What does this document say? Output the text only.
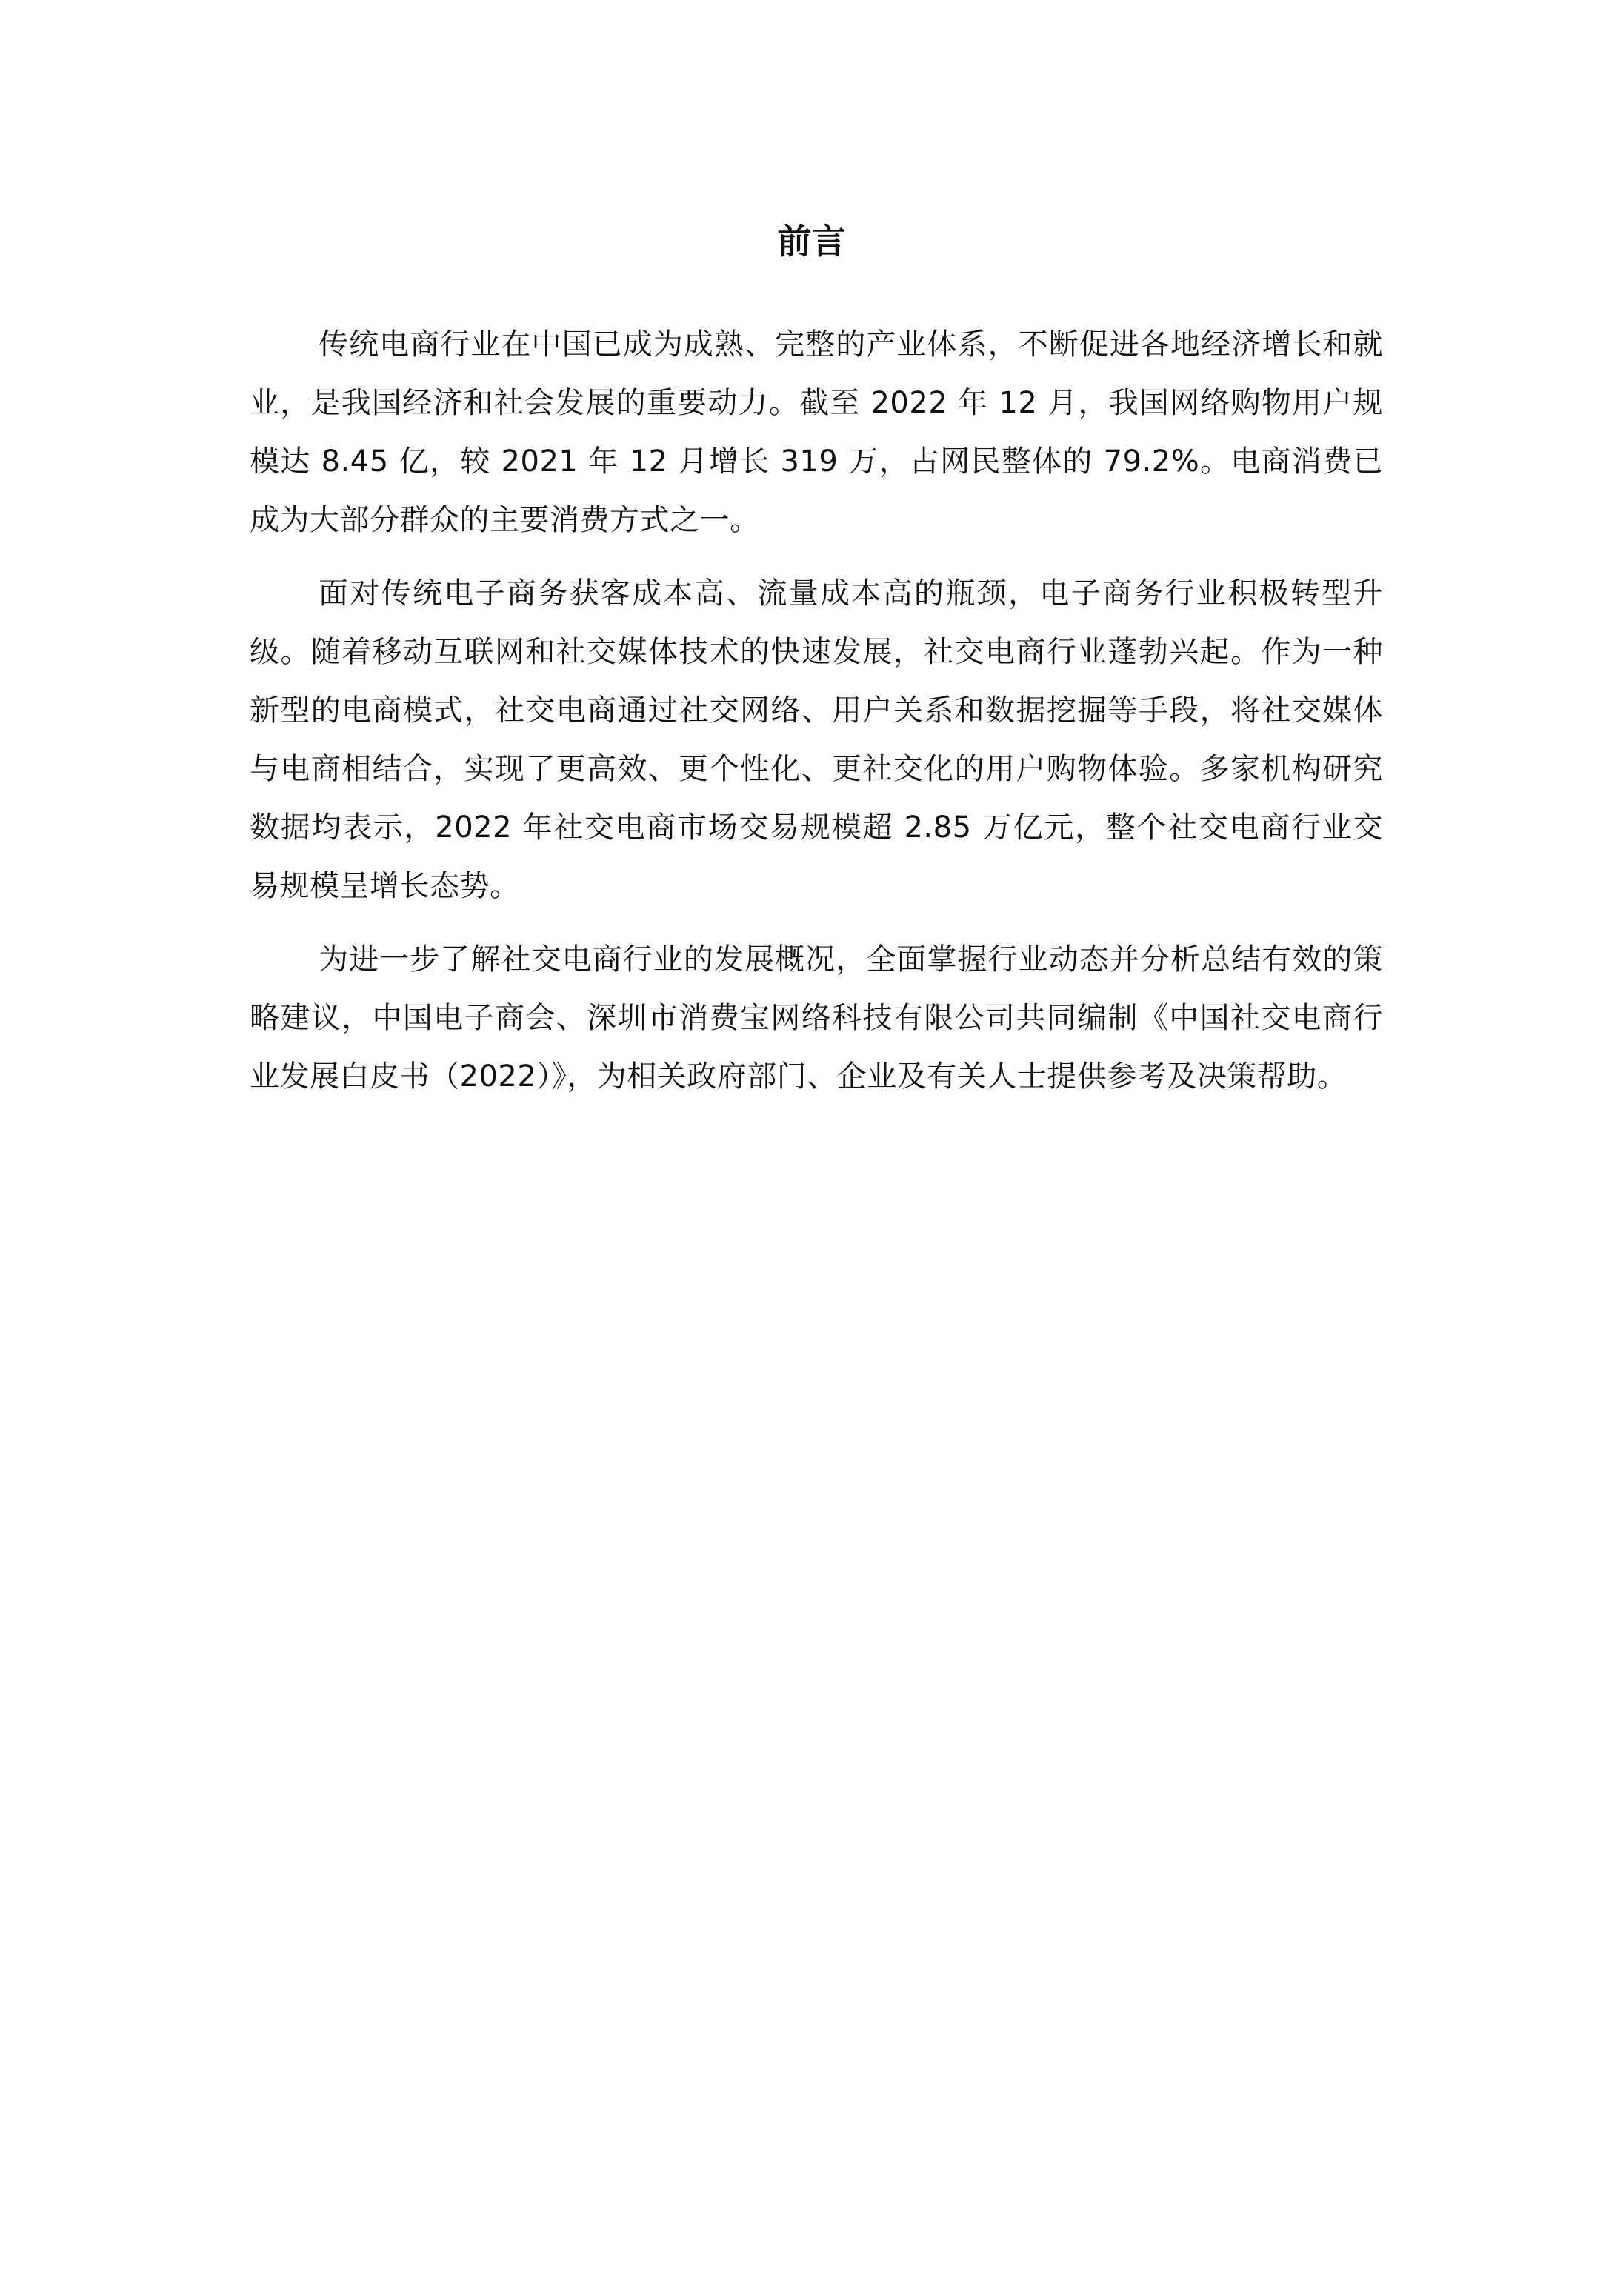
前言

传统电商行业在中国已成为成熟、完整的产业体系，不断促进各地经济增长和就业，是我国经济和社会发展的重要动力。截至 2022 年 12 月，我国网络购物用户规模达 8.45 亿，较 2021 年 12 月增长 319 万，占网民整体的 79.2%。电商消费已成为大部分群众的主要消费方式之一。

面对传统电子商务获客成本高、流量成本高的瓶颈，电子商务行业积极转型升级。随着移动互联网和社交媒体技术的快速发展，社交电商行业蓬勃兴起。作为一种新型的电商模式，社交电商通过社交网络、用户关系和数据挖掘等手段，将社交媒体与电商相结合，实现了更高效、更个性化、更社交化的用户购物体验。多家机构研究数据均表示，2022 年社交电商市场交易规模超 2.85 万亿元，整个社交电商行业交易规模呈增长态势。

为进一步了解社交电商行业的发展概况，全面掌握行业动态并分析总结有效的策略建议，中国电子商会、深圳市消费宝网络科技有限公司共同编制《中国社交电商行业发展白皮书（2022）》，为相关政府部门、企业及有关人士提供参考及决策帮助。
